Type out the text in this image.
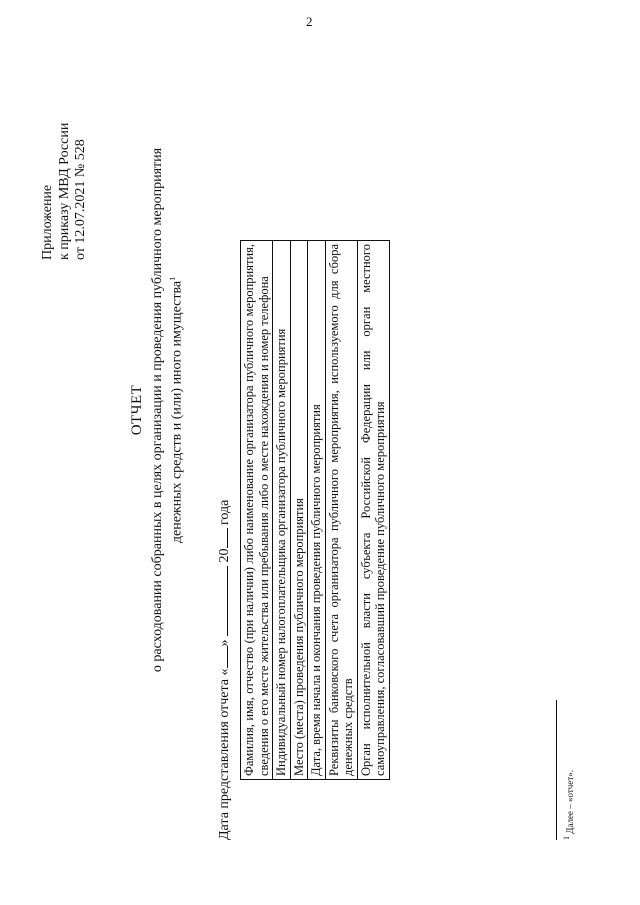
2
Приложение к приказу МВД России от 12.07.2021 № 528
ОТЧЕТ о расходовании собранных в целях организации и проведения публичного мероприятия денежных средств и (или) иного имущества$^1$
Дата представления отчета «»  20 года Фамилия, имя, отчество (при наличии) либо наименование организатора публичного мероприятия, сведения о его месте жительства или пребывания либо о месте нахождения и номер телефона
Индивидуальный номер налогоплательщика организатора публичного мероприятия
Место (места) проведения публичного мероприятия
Дата, время начала и окончания проведения публичного мероприятия
Реквизиты банковского счета организатора публичного мероприятия, используемого для сбора денежных средств
Орган исполнительной власти субъекта Российской Федерации или орган местного самоуправления, согласовавший проведение публичного мероприятия
$^1$ Далее – «отчет».
